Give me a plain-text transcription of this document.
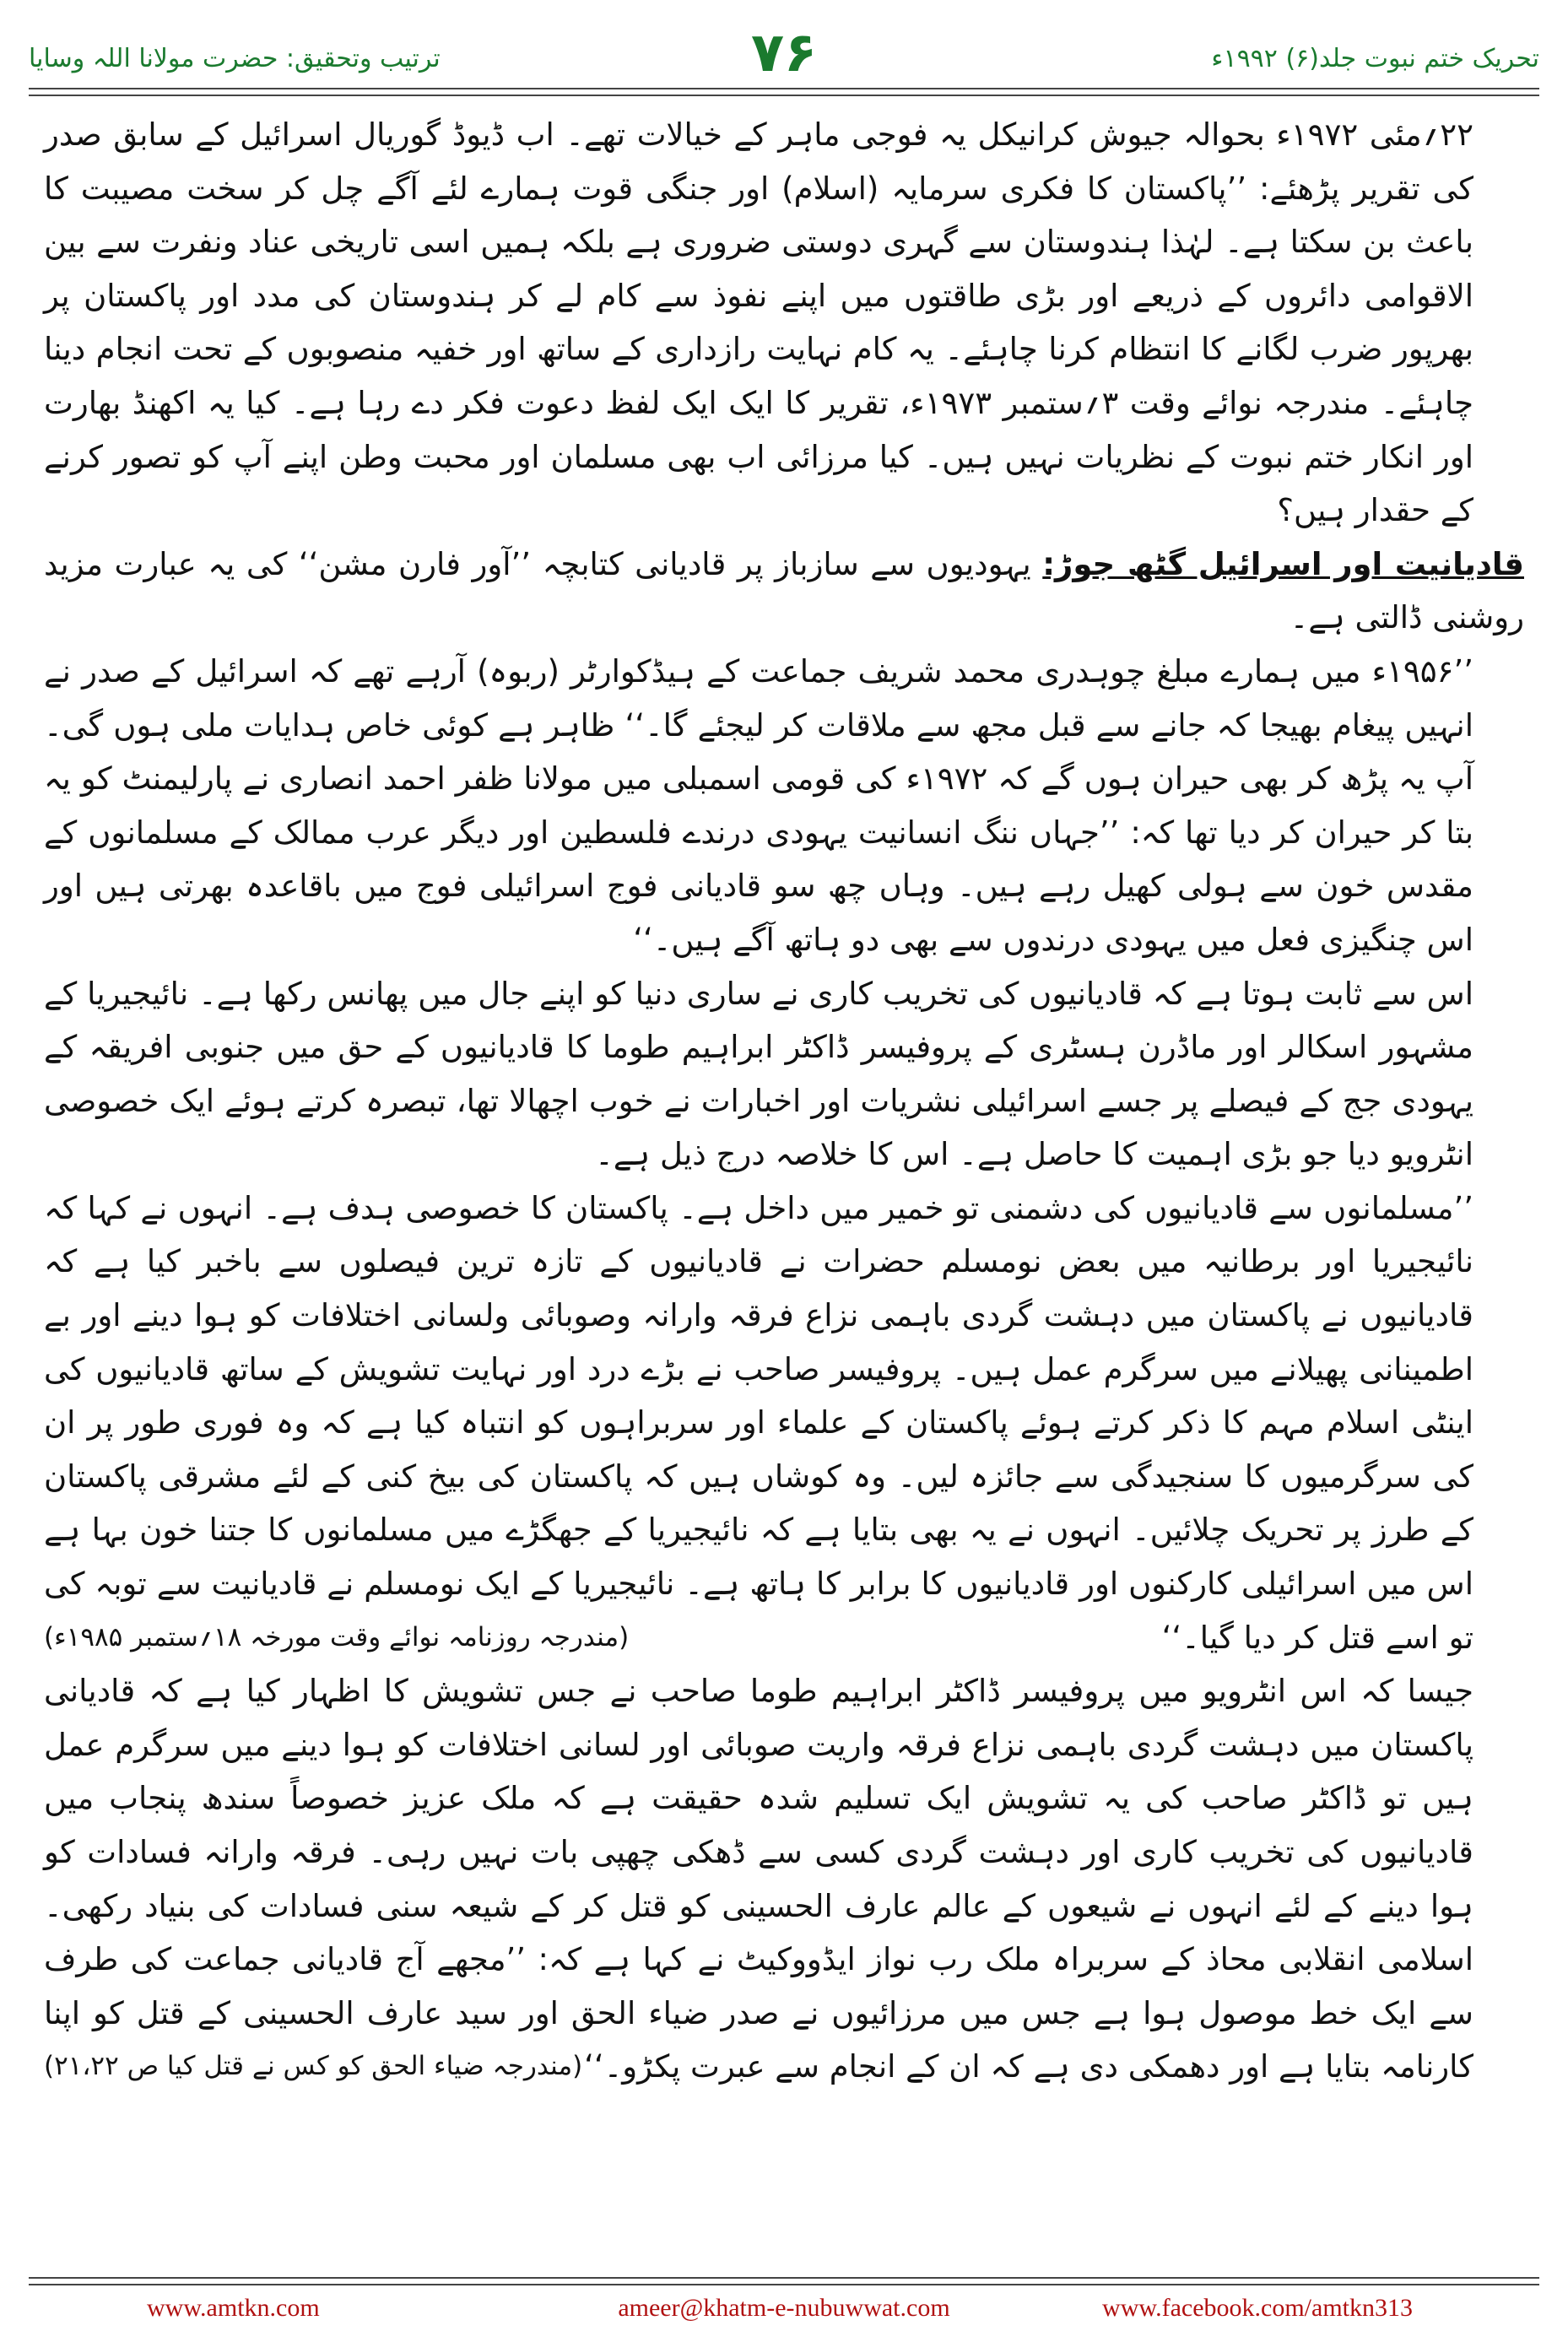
ترتیب وتحقیق: حضرت مولانا اللہ وسایا	۷۶	تحریک ختم نبوت جلد(۶) ۱۹۹۲ء

۲۲؍مئی ۱۹۷۲ء بحوالہ جیوش کرانیکل یہ فوجی ماہر کے خیالات تھے۔ اب ڈیوڈ گوریال اسرائیل کے سابق صدر کی تقریر پڑھئے: ’’پاکستان کا فکری سرمایہ (اسلام) اور جنگی قوت ہمارے لئے آگے چل کر سخت مصیبت کا باعث بن سکتا ہے۔ لہٰذا ہندوستان سے گہری دوستی ضروری ہے بلکہ ہمیں اسی تاریخی عناد ونفرت سے بین الاقوامی دائروں کے ذریعے اور بڑی طاقتوں میں اپنے نفوذ سے کام لے کر ہندوستان کی مدد اور پاکستان پر بھرپور ضرب لگانے کا انتظام کرنا چاہئے۔ یہ کام نہایت رازداری کے ساتھ اور خفیہ منصوبوں کے تحت انجام دینا چاہئے۔ مندرجہ نوائے وقت ۳؍ستمبر ۱۹۷۳ء، تقریر کا ایک ایک لفظ دعوت فکر دے رہا ہے۔ کیا یہ اکھنڈ بھارت اور انکار ختم نبوت کے نظریات نہیں ہیں۔ کیا مرزائی اب بھی مسلمان اور محبت وطن اپنے آپ کو تصور کرنے کے حقدار ہیں؟

قادیانیت اور اسرائیل گٹھ جوڑ: یہودیوں سے سازباز پر قادیانی کتابچہ ’’آور فارن مشن‘‘ کی یہ عبارت مزید روشنی ڈالتی ہے۔

’’۱۹۵۶ء میں ہمارے مبلغ چوہدری محمد شریف جماعت کے ہیڈکوارٹر (ربوہ) آرہے تھے کہ اسرائیل کے صدر نے انہیں پیغام بھیجا کہ جانے سے قبل مجھ سے ملاقات کر لیجئے گا۔‘‘ ظاہر ہے کوئی خاص ہدایات ملی ہوں گی۔ آپ یہ پڑھ کر بھی حیران ہوں گے کہ ۱۹۷۲ء کی قومی اسمبلی میں مولانا ظفر احمد انصاری نے پارلیمنٹ کو یہ بتا کر حیران کر دیا تھا کہ: ’’جہاں ننگ انسانیت یہودی درندے فلسطین اور دیگر عرب ممالک کے مسلمانوں کے مقدس خون سے ہولی کھیل رہے ہیں۔ وہاں چھ سو قادیانی فوج اسرائیلی فوج میں باقاعدہ بھرتی ہیں اور اس چنگیزی فعل میں یہودی درندوں سے بھی دو ہاتھ آگے ہیں۔‘‘

اس سے ثابت ہوتا ہے کہ قادیانیوں کی تخریب کاری نے ساری دنیا کو اپنے جال میں پھانس رکھا ہے۔ نائیجیریا کے مشہور اسکالر اور ماڈرن ہسٹری کے پروفیسر ڈاکٹر ابراہیم طوما کا قادیانیوں کے حق میں جنوبی افریقہ کے یہودی جج کے فیصلے پر جسے اسرائیلی نشریات اور اخبارات نے خوب اچھالا تھا، تبصرہ کرتے ہوئے ایک خصوصی انٹرویو دیا جو بڑی اہمیت کا حاصل ہے۔ اس کا خلاصہ درج ذیل ہے۔

’’مسلمانوں سے قادیانیوں کی دشمنی تو خمیر میں داخل ہے۔ پاکستان کا خصوصی ہدف ہے۔ انہوں نے کہا کہ نائیجیریا اور برطانیہ میں بعض نومسلم حضرات نے قادیانیوں کے تازہ ترین فیصلوں سے باخبر کیا ہے کہ قادیانیوں نے پاکستان میں دہشت گردی باہمی نزاع فرقہ وارانہ وصوبائی ولسانی اختلافات کو ہوا دینے اور بے اطمینانی پھیلانے میں سرگرم عمل ہیں۔ پروفیسر صاحب نے بڑے درد اور نہایت تشویش کے ساتھ قادیانیوں کی اینٹی اسلام مہم کا ذکر کرتے ہوئے پاکستان کے علماء اور سربراہوں کو انتباہ کیا ہے کہ وہ فوری طور پر ان کی سرگرمیوں کا سنجیدگی سے جائزہ لیں۔ وہ کوشاں ہیں کہ پاکستان کی بیخ کنی کے لئے مشرقی پاکستان کے طرز پر تحریک چلائیں۔ انہوں نے یہ بھی بتایا ہے کہ نائیجیریا کے جھگڑے میں مسلمانوں کا جتنا خون بہا ہے اس میں اسرائیلی کارکنوں اور قادیانیوں کا برابر کا ہاتھ ہے۔ نائیجیریا کے ایک نومسلم نے قادیانیت سے توبہ کی تو اسے قتل کر دیا گیا۔‘‘
(مندرجہ روزنامہ نوائے وقت مورخہ ۱۸؍ستمبر ۱۹۸۵ء)

جیسا کہ اس انٹرویو میں پروفیسر ڈاکٹر ابراہیم طوما صاحب نے جس تشویش کا اظہار کیا ہے کہ قادیانی پاکستان میں دہشت گردی باہمی نزاع فرقہ واریت صوبائی اور لسانی اختلافات کو ہوا دینے میں سرگرم عمل ہیں تو ڈاکٹر صاحب کی یہ تشویش ایک تسلیم شدہ حقیقت ہے کہ ملک عزیز خصوصاً سندھ پنجاب میں قادیانیوں کی تخریب کاری اور دہشت گردی کسی سے ڈھکی چھپی بات نہیں رہی۔ فرقہ وارانہ فسادات کو ہوا دینے کے لئے انہوں نے شیعوں کے عالم عارف الحسینی کو قتل کر کے شیعہ سنی فسادات کی بنیاد رکھی۔ اسلامی انقلابی محاذ کے سربراہ ملک رب نواز ایڈووکیٹ نے کہا ہے کہ: ’’مجھے آج قادیانی جماعت کی طرف سے ایک خط موصول ہوا ہے جس میں مرزائیوں نے صدر ضیاء الحق اور سید عارف الحسینی کے قتل کو اپنا کارنامہ بتایا ہے اور دھمکی دی ہے کہ ان کے انجام سے عبرت پکڑو۔‘‘
(مندرجہ ضیاء الحق کو کس نے قتل کیا ص ۲۱،۲۲)

www.amtkn.com	ameer@khatm-e-nubuwwat.com	www.facebook.com/amtkn313
